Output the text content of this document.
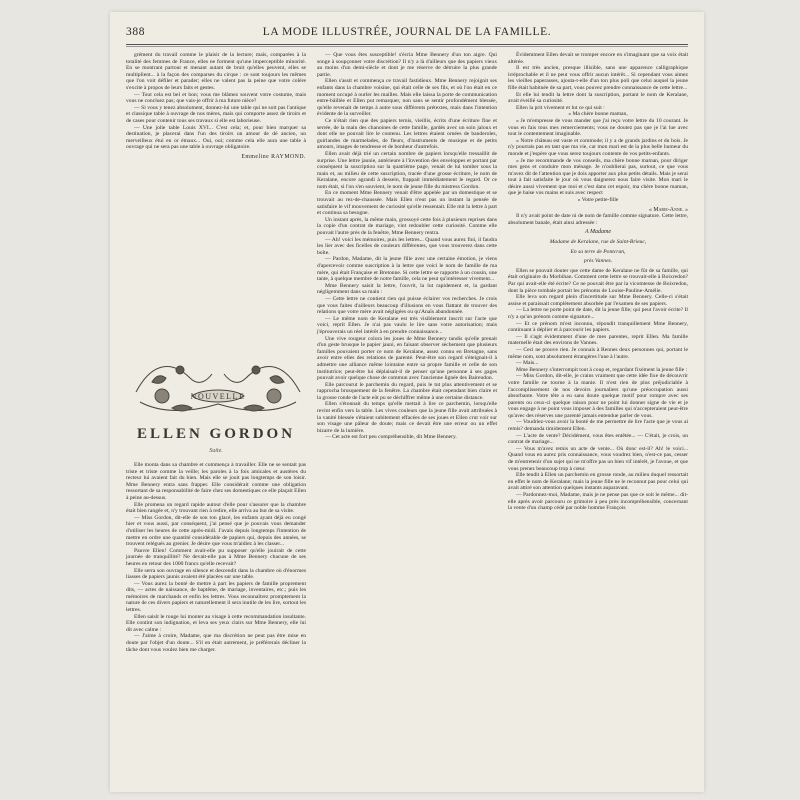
388	LA MODE ILLUSTRÉE, JOURNAL DE LA FAMILLE.

grément du travail comme le plaisir de la lecture; mais, comparées à la totalité des femmes de France, elles ne forment qu'une imperceptible minorité. En se montrant partout et menant autant de bruit qu'elles peuvent, elles se multiplient... à la façon des comparses du cirque : ce sont toujours les mêmes que l'on voit défiler et parader; elles ne valent pas la peine que votre colère s'excite à propos de leurs faits et gestes.

— Tout cela est bel et bon; vous me blâmez souvent votre costume, mais vous ne concluez pas; que vais-je offrir à ma future nièce?

— Si vous y tenez absolument, donnez-lui une table qui ne soit pas l'antique et classique table à ouvrage de nos mères, mais qui comporte assez de tiroirs et de cases pour contenir tous ses travaux si elle est laborieuse.

— Une jolie table Louis XVI... C'est cela; et, pour bien marquer sa destination, je placerai dans l'un des tiroirs un amour de dé ancien, un merveilleux étui en or émaux... Oui, oui; comme cela elle aura une table à ouvrage qui ne sera pas une table à ouvrage obligatoire.

Emmeline RAYMOND.
NOUVELLE
ELLEN GORDON
Suite.

Elle monta dans sa chambre et commença à travailler. Elle ne se sentait pas triste et triste comme la veille; les paroles à la fois amicales et austères du recteur lui avaient fait du bien. Mais elle se jouit pas longtemps de son loisir. Mme Bennery entra sans frapper. Elle considérait comme une obligation ressortant de sa responsabilité de faire chez ses domestiques ce elle plaçait Ellen à peine au-dessus.

Elle promena un regard rapide autour d'elle pour s'assurer que la chambre était bien rangée et, n'y trouvant rien à redire, elle arriva au but de sa visite.

— Miss Gordon, dit-elle de son ton glacé, les enfants ayant déjà eu congé hier et vous aussi, par conséquent, j'ai pensé que je pouvais vous demander d'utiliser les heures de cette après-midi. J'avais depuis longtemps l'intention de mettre en ordre une quantité considérable de papiers qui, depuis des années, se trouvent relégués au grenier. Je désire que vous m'aidiez à les classer...

Pauvre Ellen! Comment avait-elle pu supposer qu'elle jouirait de cette journée de tranquillité? Ne devait-elle pas à Mme Bennery chacune de ses heures en retour des 1000 francs qu'elle recevait?

Elle serra son ouvrage en silence et descendit dans la chambre où d'énormes liasses de papiers jaunis avaient été placées sur une table.

— Vous aurez la bonté de mettre à part les papiers de famille proprement dits, — actes de naissance, de baptême, de mariage, inventaires, etc.; puis les mémoires de marchands et enfin les lettres. Vous reconnaîtrez promptement la nature de ces divers papiers et naturellement il sera inutile de les lire, sortout les lettres.

Ellen saisit le rouge lui monter au visage à cette recommandation insultante. Elle contint son indignation, et leva ses yeux clairs sur Mme Bennery, elle lui dit avec calme :

— J'aime à croire, Madame, que ma discrétion ne peut pas être mise en doute par l'objet d'un doute... S'il en était autrement, je préférerais décliner la tâche dont vous voulez bien me charger.

— Que vous êtes susceptible! s'écria Mme Bennery d'un ton aigre. Qui songe à soupçonner votre discrétion? Il n'y a là d'ailleurs que des papiers vieux au moins d'un demi-siècle et dont je me réserve de détruire la plus grande partie.

Ellen s'assit et commença ce travail fastidieux. Mme Bennery rejoignit ses enfants dans la chambre voisine, qui était celle de ses fils, et où l'on était en ce moment occupé à ourler les mailles. Mais elle laissa la porte de communication entre-bâillée et Ellen put remarquer, non sans se sentir profondément blessée, qu'elle revenait de temps à autre sous différents prétextes, mais dans l'intention évidente de la surveiller.

Ce n'était rien que des papiers ternis, vieillis, écrits d'une écriture fine et serrée, de la main des chanoines de cette famille, gardés avec un soin jaloux et dont elle ne pouvait lire le contenu. Les lettres étaient ornées de banderoles, guirlandes de marmelades, de fleurs, d'instruments de musique et de petits amours, images de tendresse et de bonheur d'autrefois.

Ellen avait déjà trié un certain nombre de papiers lorsqu'elle tressaillit de surprise. Une lettre jaunie, antérieure à l'invention des enveloppes et portant par conséquent la suscription sur la quatrième page, venait de lui tomber sous la main et, au milieu de cette suscription, tracée d'une grosse écriture, le nom de Keralane, encore agrandi à dessein, frappait immédiatement le regard. Or ce nom était, si l'on s'en souvient, le nom de jeune fille du mistress Gordon.

En ce moment Mme Bennery venait d'être appelée par un domestique et se trouvait au rez-de-chaussée. Mais Ellen n'eut pas un instant la pensée de satisfaire le vif mouvement de curiosité qu'elle ressentait. Elle mit la lettre à part et continua sa besogne.

Un instant après, la même main, grossoyé cette fois à plusieurs reprises dans la copie d'un contrat de mariage, vint redoubler cette curiosité. Comme elle pouvait l'autre près de la fenêtre, Mme Bennery rentra.

— Ah! voici les mémoires, puis les lettres... Quand vous aurez fini, il faudra les lier avec des ficelles de couleurs différentes, que vous trouverez dans cette boîte.

— Pardon, Madame, dit la jeune fille avec une certaine émotion, je viens d'apercevoir comme suscription à la lettre que voici le nom de famille de ma mère, qui était Française et Bretonne. Si cette lettre se rapporte à un cousin, une tante, à quelque membre de notre famille, cela ne peut qu'intéresser vivement...

Mme Bennery saisit la lettre, l'ouvrit, la lut rapidement et, la gardant négligemment dans sa main :

— Cette lettre ne contient rien qui puisse éclairer vos recherches. Je crois que vous faites d'ailleurs beaucoup d'illusions en vous flattant de trouver des relations que votre mère avait négligées ou qu'Anaïs abandonnée.

— Le même nom de Keralane est très visiblement inscrit sur l'acte que voici, reprit Ellen. Je n'ai pas vaulu le lire sans votre autorisation; mais j'éprouverais un réel intérêt à en prendre connaissance...

Une vive rougeur colora les joues de Mme Bennery tandis qu'elle prenait d'un geste brusque le papier jauni, en faisant observer sèchement que plusieurs familles pouvaient porter ce nom de Keralane, assez connu en Bretagne, sans avoir entre elles des relations de parenté. Peut-être son regard s'éteignait-il à admettre une alliance même lointaine entre sa propre famille et celle de son institutrice; peut-être lui déplaisait-il de penser qu'une personne à ses gages pouvait avoir quelque chose de commun avec l'ancienne lignée des Baireudon.

Elle parcourut le parchemin du regard, puis le tut plus attentivement et se rapprocha brusquement de la fenêtre. La chambre était cependant bien claire et la grosse ronde de l'acte eût pu se déchiffrer même à une certaine distance.

Ellen s'étonnait du temps qu'elle mettait à lire ce parchemin, lorsqu'elle revint enfin vers la table. Les vives couleurs que la jeune fille avait attribuées à la vanité blessée s'étaient subitement effacées de ses joues et Ellen crut voir sur son visage une pâleur de doute; mais ce devait être une erreur ou un effet bizarre de la lumière.

— Cet acte est fort peu compréhensible, dit Mme Bennery.

Évidemment Ellen devait se tromper encore en s'imaginant que sa voix était altérée.

Il est très ancien, presque illisible, sans une apparence calligraphique irréprochable et il ne peut vous offrir aucun intérêt... Si cependant vous aimez les vieilles paperasses, ajouta-t-elle d'un ton plus poli que celui auquel la jeune fille était habituée de sa part, vous pouvez prendre connaissance de cette lettre...

Et elle lui tendit la lettre dont la suscription, portant le nom de Keralane, avait éveillé sa curiosité.

Ellen la prit vivement et lut ce qui suit :

« Ma chère bonne maman,

« Je m'empresse de vous mander que j'ai reçu votre lettre du 10 courant. Je vous en fais tous mes remerciements; vous ne doutez pas que je l'ai lue avec tout le contentement imaginable.

« Notre château est vaste et commode; il y a de grands jardins et du bois. Je n'y pourrais pas en tant que ma vie, car mon mari est de la plus belle humeur du monde et j'espère que vous serez toujours contente de vos petits-enfants.

« Je me recommande de vos conseils, ma chère bonne maman, pour diriger mes gens et conduire mon ménage. Je n'oublierai pas, surtout, ce que vous m'avez dit de l'attention que je dois apporter aux plus petits détails. Mais je serai tout à fait satisfaite le jour où vous daignerez nous faire visite. Mon mari le désire aussi vivement que moi et c'est dans cet espoir, ma chère bonne maman, que je baise vos mains et suis avec respect

« Votre petite-fille
« Marie-Anne. »

Il n'y avait point de date ni de nom de famille comme signature. Cette lettre, absolument banale, était ainsi adressée :

A Madame
Madame de Keralane, rue de Saint-Brieuc,
En sa terre de Pontcran,
près Vannes.

Ellen se pouvait douter que cette dame de Keralane ne fût de sa famille, qui était originaire du Morbihan. Comment cette lettre se trouvait-elle à Boixredon? Par qui avait-elle été écrite? Ce ne pouvait être par la vicomtesse de Boixredon, dont la pièce tombale portait les prénoms de Louise-Pauline-Amélie.

Elle leva son regard plein d'incertitude sur Mme Bennery. Celle-ci s'était assise et paraissait complètement absorbée par l'examen de ses papiers.

— La lettre ne porte point de date, dit la jeune fille; qui peut l'avoir écrite? Il n'y a qu'un prénom comme signature...

— Et ce prénom m'est inconnu, répondit tranquillement Mme Bennery, continuant à déplier et à parcourir les papiers.

— Il s'agit évidemment d'une de mes parentes, reprit Ellen. Ma famille maternelle était des environs de Vannes.

— Ceci ne prouve rien. Je connais à Rennes deux personnes qui, portant le même nom, sont absolument étrangères l'une à l'autre.

— Mais...

Mme Bennery s'interrompit tout à coup et, regardant fixément la jeune fille :

— Miss Gordon, dit-elle, je crains vraiment que cette idée fixe de découvrir votre famille ne tourne à la manie. Il n'est rien de plus préjudiciable à l'accomplissement de nos devoirs journaliers qu'une préoccupation aussi absorbante. Votre tête a eu sans doute quelque motif pour rompre avec ses parents ou ceux-ci quelque raison pour ne point lui donner signe de vie et je vous engage à ne point vous imposer à des familles qui n'accepteraient peut-être qu'avec des réserves une parenté jamais entendue parler de vous.

— Voudriez-vous avoir la bonté de me permettre de lire l'acte que je vous ai remis? demanda timidement Ellen.

— L'acte de vente? Décidément, vous êtes entêtée... — C'était, je crois, un contrat de mariage...

— Vous m'avez remis un acte de vente... Où donc est-il? Ah! le voici... Quand vous en aurez pris connaissance, vous voudrez bien, n'est-ce pas, cesser de m'entretenir d'un sujet qui ne m'offre pas un bien vif intérêt, je l'avoue, et que vous prenez beaucoup trop à cœur.

Elle tendit à Ellen un parchemin en grosse ronde, au milieu duquel ressortait en effet le nom de Keralane; mais la jeune fille ne le reconnut pas pour celui qui avait attiré son attention quelques instants auparavant.

— Pardonnez-moi, Madame, mais je ne pense pas que ce soit le même... dit-elle après avoir parcouru ce grimoire à peu près incompréhensible, concernant la vente d'un champ cédé par noble homme François
